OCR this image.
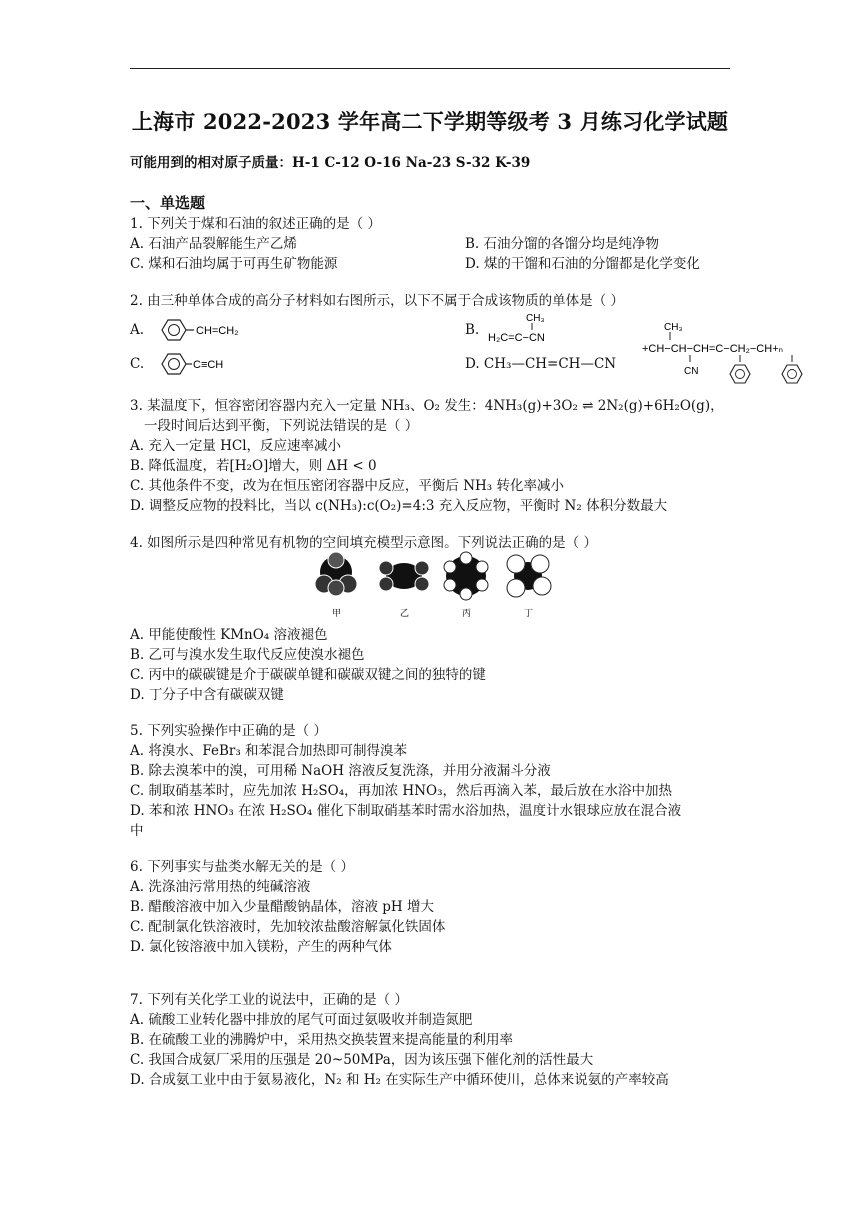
上海市 2022-2023 学年高二下学期等级考 3 月练习化学试题
可能用到的相对原子质量：H-1 C-12 O-16 Na-23 S-32 K-39
一、单选题
1. 下列关于煤和石油的叙述正确的是（ ）
A. 石油产品裂解能生产乙烯	B. 石油分馏的各馏分均是纯净物
C. 煤和石油均属于可再生矿物能源	D. 煤的干馏和石油的分馏都是化学变化
2. 由三种单体合成的高分子材料如右图所示，以下不属于合成该物质的单体是（ ）
A.	CH=CH₂	B.
CH₃
H₂C=C−CN
C.	C≡CH	D. CH₃—CH=CH—CN
CH₃
+CH−CH−CH=C−CH₂−CH+ₙ
CN
3. 某温度下，恒容密闭容器内充入一定量 NH₃、O₂ 发生：4NH₃(g)+3O₂ ⇌ 2N₂(g)+6H₂O(g)，
一段时间后达到平衡，下列说法错误的是（ ）
A. 充入一定量 HCl，反应速率减小
B. 降低温度，若[H₂O]增大，则 ΔH < 0
C. 其他条件不变，改为在恒压密闭容器中反应，平衡后 NH₃ 转化率减小
D. 调整反应物的投料比，当以 c(NH₃):c(O₂)=4:3 充入反应物，平衡时 N₂ 体积分数最大
4. 如图所示是四种常见有机物的空间填充模型示意图。下列说法正确的是（ ）
甲	乙	丙	丁
A. 甲能使酸性 KMnO₄ 溶液褪色
B. 乙可与溴水发生取代反应使溴水褪色
C. 丙中的碳碳键是介于碳碳单键和碳碳双键之间的独特的键
D. 丁分子中含有碳碳双键
5. 下列实验操作中正确的是（ ）
A. 将溴水、FeBr₃ 和苯混合加热即可制得溴苯
B. 除去溴苯中的溴，可用稀 NaOH 溶液反复洗涤，并用分液漏斗分液
C. 制取硝基苯时，应先加浓 H₂SO₄，再加浓 HNO₃，然后再滴入苯，最后放在水浴中加热
D. 苯和浓 HNO₃ 在浓 H₂SO₄ 催化下制取硝基苯时需水浴加热，温度计水银球应放在混合液
中
6. 下列事实与盐类水解无关的是（ ）
A. 洗涤油污常用热的纯碱溶液
B. 醋酸溶液中加入少量醋酸钠晶体，溶液 pH 增大
C. 配制氯化铁溶液时，先加较浓盐酸溶解氯化铁固体
D. 氯化铵溶液中加入镁粉，产生的两种气体
7. 下列有关化学工业的说法中，正确的是（ ）
A. 硫酸工业转化器中排放的尾气可面过氨吸收并制造氮肥
B. 在硫酸工业的沸腾炉中，采用热交换装置来提高能量的利用率
C. 我国合成氨厂采用的压强是 20~50MPa，因为该压强下催化剂的活性最大
D. 合成氨工业中由于氨易液化，N₂ 和 H₂ 在实际生产中循环使川，总体来说氨的产率较高
